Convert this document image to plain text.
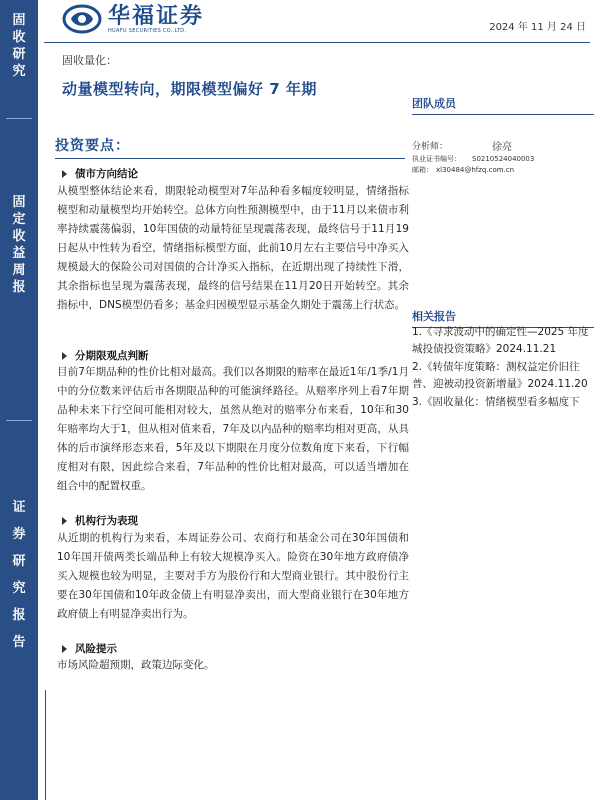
固
收
研
究
固
定
收
益
周
报
证
券
研
究
报
告
华福证券
HUAFU SECURITIES CO.,LTD.	2024 年 11 月 24 日
固收量化：
动量模型转向，期限模型偏好 7 年期
团队成员
分析师：	徐亮
执业证书编号：	S0210524040003
邮箱： xl30484@hfzq.com.cn
相关报告

1.《寻求波动中的确定性—2025 年度城投债投资策略》2024.11.21

2.《转债年度策略：测权益定价旧往普、迎被动投资新增量》2024.11.20

3.《固收量化：情绪模型看多幅度下

投资要点：
债市方向结论
从模型整体结论来看，期限轮动模型对7年品种看多幅度较明显，情绪指标模型和动量模型均开始转空。总体方向性预测模型中，由于11月以来债市利率持续震荡偏弱，10年国债的动量特征呈现震荡表现，最终信号于11月19日起从中性转为看空，情绪指标模型方面，此前10月左右主要信号中净买入规模最大的保险公司对国债的合计净买入指标，在近期出现了持续性下滑，其余指标也呈现为震荡表现，最终的信号结果在11月20日开始转空。其余指标中，DNS模型仍看多；基金归因模型显示基金久期处于震荡上行状态。
分期限观点判断
目前7年期品种的性价比相对最高。我们以各期限的赔率在最近1年/1季/1月中的分位数来评估后市各期限品种的可能演绎路径。从赔率序列上看7年期品种未来下行空间可能相对较大，虽然从绝对的赔率分布来看，10年和30年赔率均大于1，但从相对值来看，7年及以内品种的赔率均相对更高，从具体的后市演绎形态来看，5年及以下期限在月度分位数角度下来看，下行幅度相对有限，因此综合来看，7年品种的性价比相对最高，可以适当增加在组合中的配置权重。
机构行为表现
从近期的机构行为来看，本周证券公司、农商行和基金公司在30年国债和10年国开债两类长端品种上有较大规模净买入。险资在30年地方政府债净买入规模也较为明显，主要对手方为股份行和大型商业银行。其中股份行主要在30年国债和10年政金债上有明显净卖出，而大型商业银行在30年地方政府债上有明显净卖出行为。
风险提示
市场风险超预期，政策边际变化。
